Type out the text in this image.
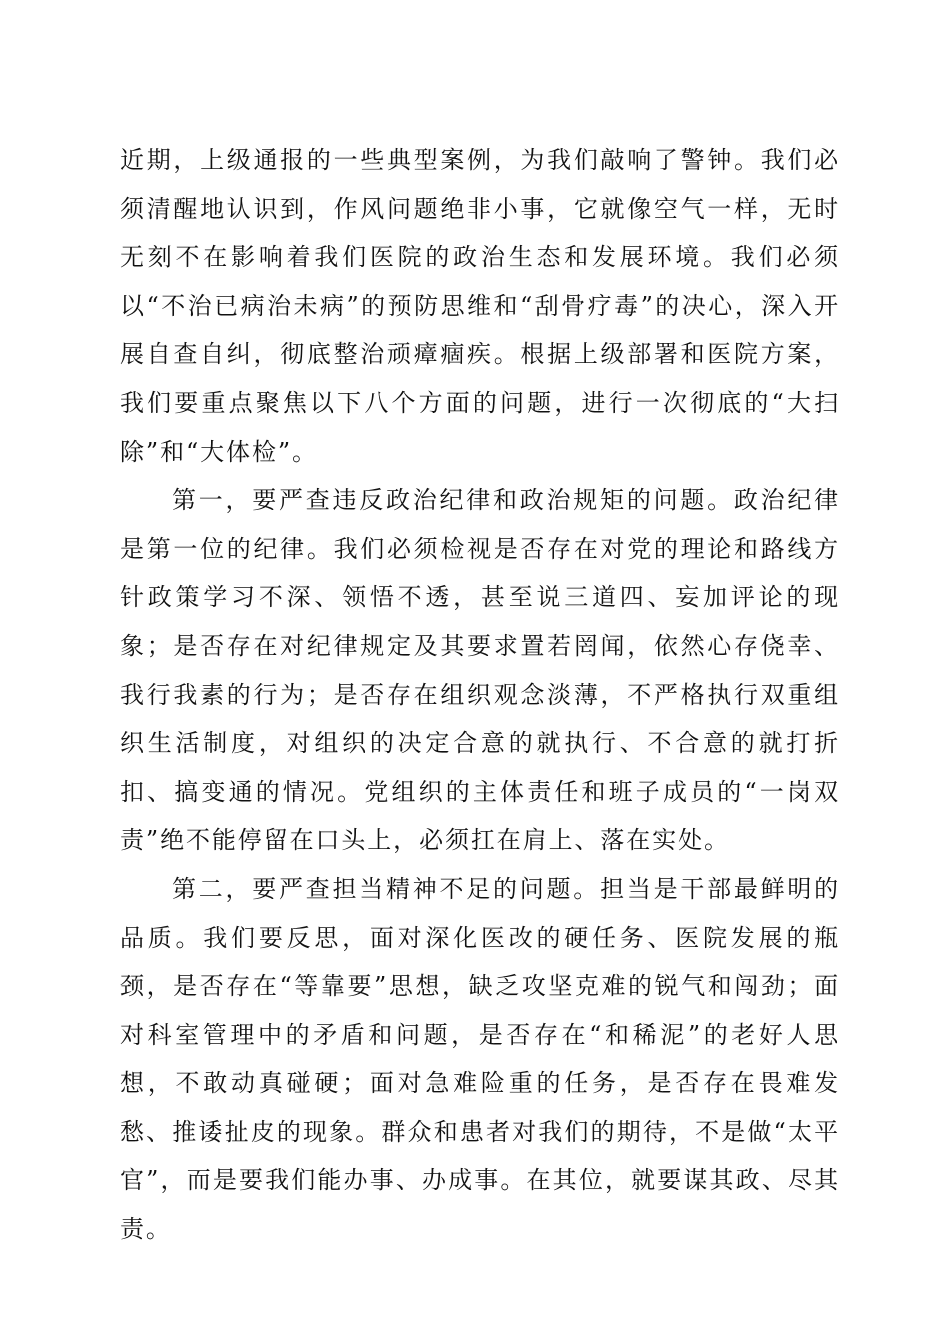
近期，上级通报的一些典型案例，为我们敲响了警钟。我们必须清醒地认识到，作风问题绝非小事，它就像空气一样，无时无刻不在影响着我们医院的政治生态和发展环境。我们必须以“不治已病治未病”的预防思维和“刮骨疗毒”的决心，深入开展自查自纠，彻底整治顽瘴痼疾。根据上级部署和医院方案，我们要重点聚焦以下八个方面的问题，进行一次彻底的“大扫除”和“大体检”。

第一，要严查违反政治纪律和政治规矩的问题。政治纪律是第一位的纪律。我们必须检视是否存在对党的理论和路线方针政策学习不深、领悟不透，甚至说三道四、妄加评论的现象；是否存在对纪律规定及其要求置若罔闻，依然心存侥幸、我行我素的行为；是否存在组织观念淡薄，不严格执行双重组织生活制度，对组织的决定合意的就执行、不合意的就打折扣、搞变通的情况。党组织的主体责任和班子成员的“一岗双责”绝不能停留在口头上，必须扛在肩上、落在实处。

第二，要严查担当精神不足的问题。担当是干部最鲜明的品质。我们要反思，面对深化医改的硬任务、医院发展的瓶颈，是否存在“等靠要”思想，缺乏攻坚克难的锐气和闯劲；面对科室管理中的矛盾和问题，是否存在“和稀泥”的老好人思想，不敢动真碰硬；面对急难险重的任务，是否存在畏难发愁、推诿扯皮的现象。群众和患者对我们的期待，不是做“太平官”，而是要我们能办事、办成事。在其位，就要谋其政、尽其责。
